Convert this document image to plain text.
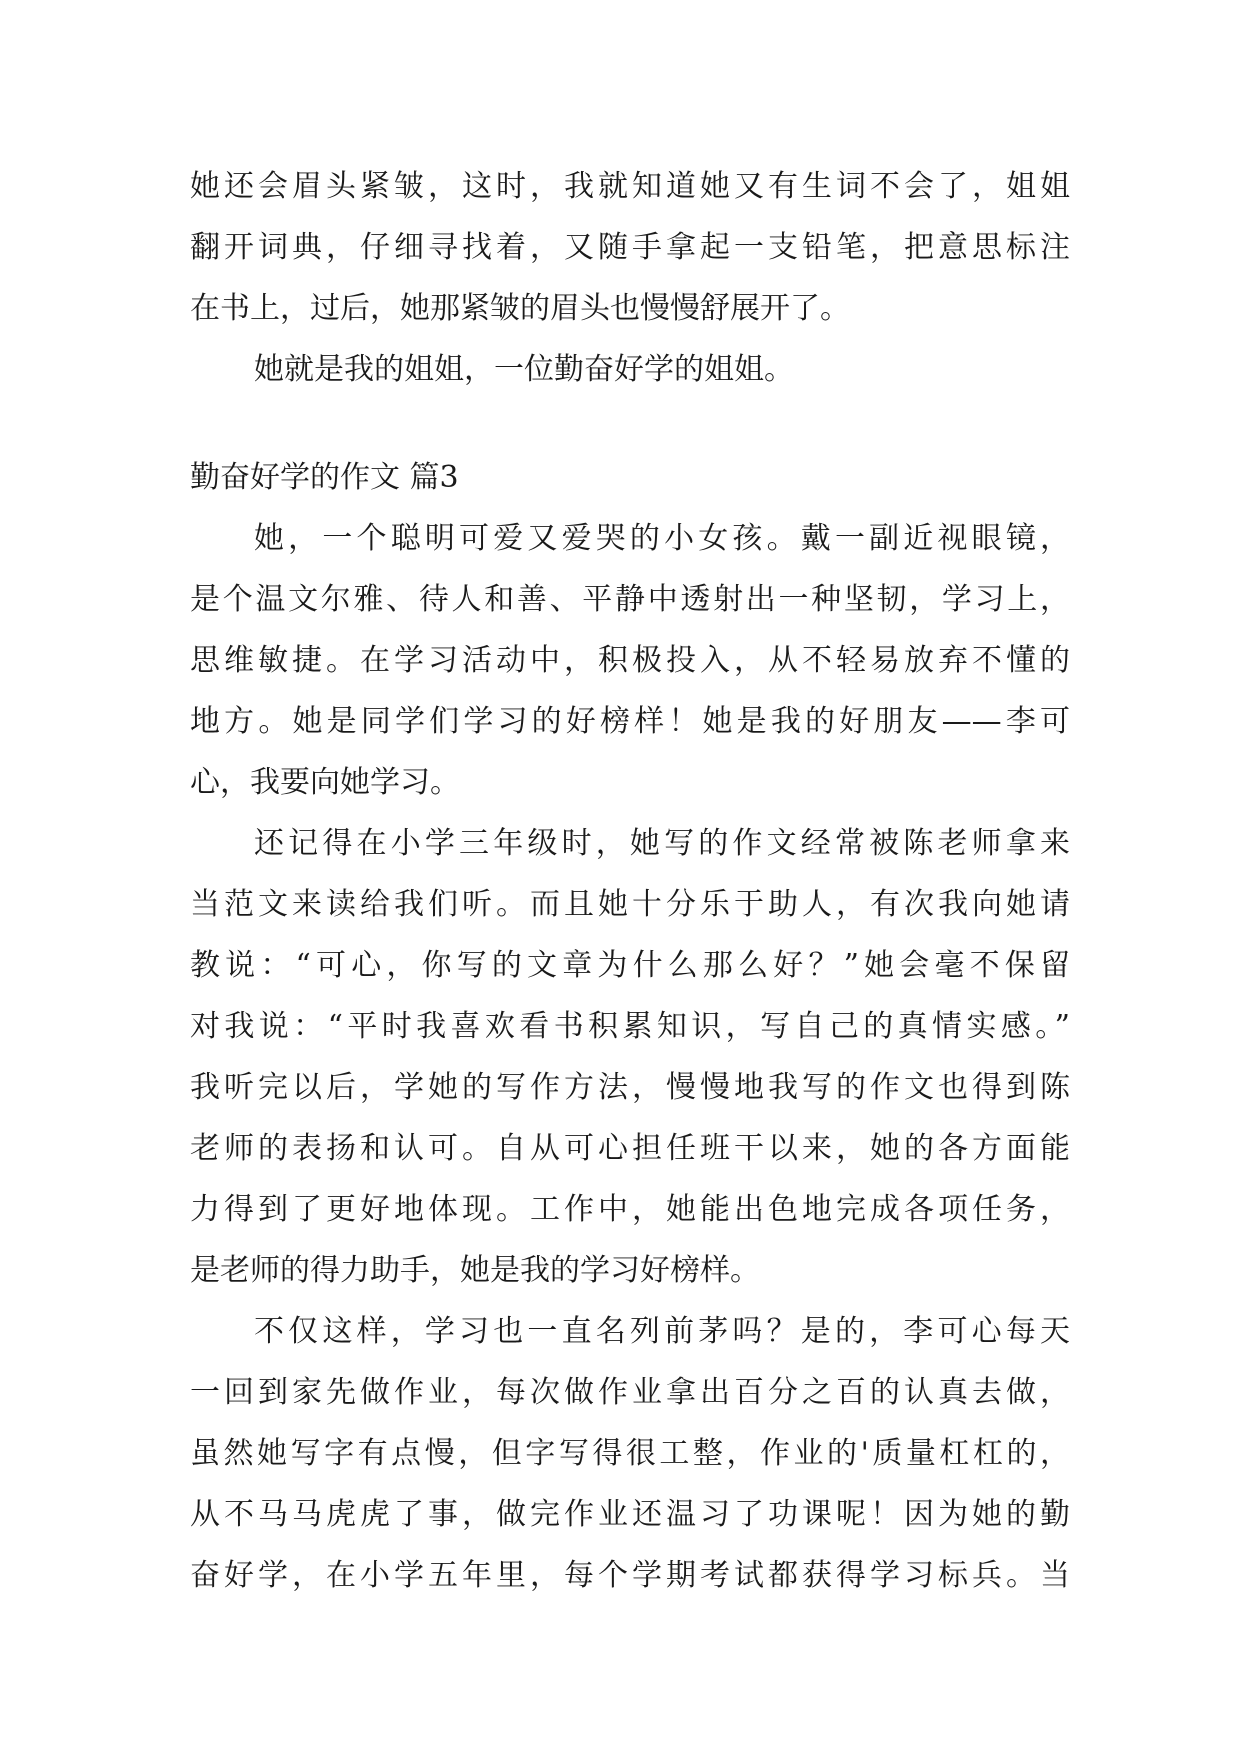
她还会眉头紧皱，这时，我就知道她又有生词不会了，姐姐
翻开词典，仔细寻找着，又随手拿起一支铅笔，把意思标注
在书上，过后，她那紧皱的眉头也慢慢舒展开了。
她就是我的姐姐，一位勤奋好学的姐姐。
勤奋好学的作文 篇3
她，一个聪明可爱又爱哭的小女孩。戴一副近视眼镜，
是个温文尔雅、待人和善、平静中透射出一种坚韧，学习上，
思维敏捷。在学习活动中，积极投入，从不轻易放弃不懂的
地方。她是同学们学习的好榜样！她是我的好朋友——李可
心，我要向她学习。
还记得在小学三年级时，她写的作文经常被陈老师拿来
当范文来读给我们听。而且她十分乐于助人，有次我向她请
教说：“可心，你写的文章为什么那么好？”她会毫不保留
对我说：“平时我喜欢看书积累知识，写自己的真情实感。”
我听完以后，学她的写作方法，慢慢地我写的作文也得到陈
老师的表扬和认可。自从可心担任班干以来，她的各方面能
力得到了更好地体现。工作中，她能出色地完成各项任务，
是老师的得力助手，她是我的学习好榜样。
不仅这样，学习也一直名列前茅吗？是的，李可心每天
一回到家先做作业，每次做作业拿出百分之百的认真去做，
虽然她写字有点慢，但字写得很工整，作业的'质量杠杠的，
从不马马虎虎了事，做完作业还温习了功课呢！因为她的勤
奋好学，在小学五年里，每个学期考试都获得学习标兵。当
